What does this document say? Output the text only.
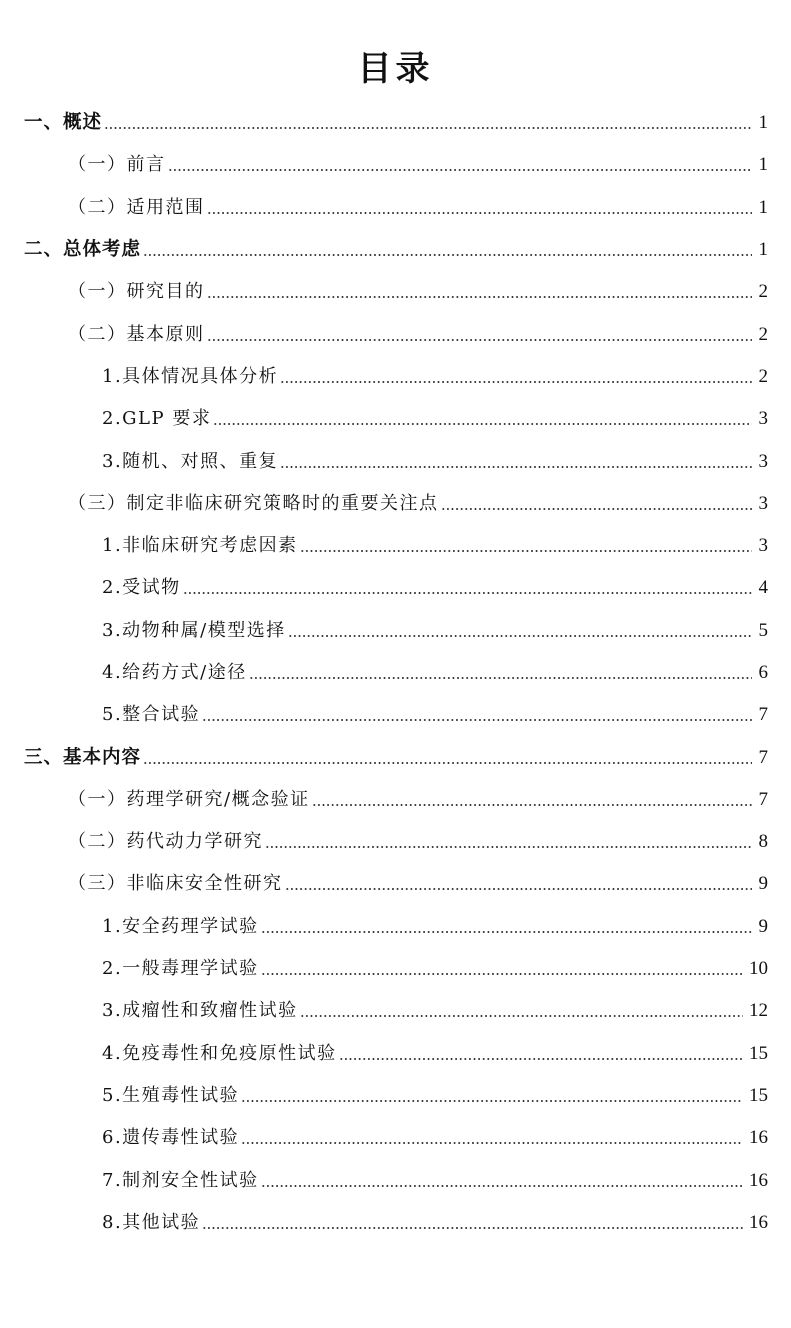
目录
一、概述	1
（一）前言	1
（二）适用范围	1
二、总体考虑	1
（一）研究目的	2
（二）基本原则	2
1.具体情况具体分析	2
2.GLP 要求	3
3.随机、对照、重复	3
（三）制定非临床研究策略时的重要关注点	3
1.非临床研究考虑因素	3
2.受试物	4
3.动物种属/模型选择	5
4.给药方式/途径	6
5.整合试验	7
三、基本内容	7
（一）药理学研究/概念验证	7
（二）药代动力学研究	8
（三）非临床安全性研究	9
1.安全药理学试验	9
2.一般毒理学试验	10
3.成瘤性和致瘤性试验	12
4.免疫毒性和免疫原性试验	15
5.生殖毒性试验	15
6.遗传毒性试验	16
7.制剂安全性试验	16
8.其他试验	16
